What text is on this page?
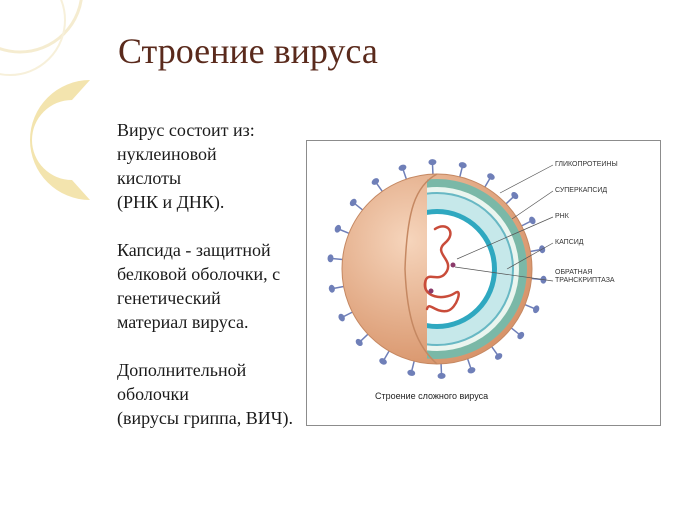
Строение вируса
Вирус состоит из:
нуклеиновой
кислоты
(РНК и ДНК).
Капсида - защитной
белковой оболочки, с
генетический
материал вируса.
Дополнительной
оболочки
(вирусы гриппа, ВИЧ).
ГЛИКОПРОТЕИНЫ
СУПЕРКАПСИД
РНК
КАПСИД
ОБРАТНАЯ
ТРАНСКРИПТАЗА
Строение сложного вируса
